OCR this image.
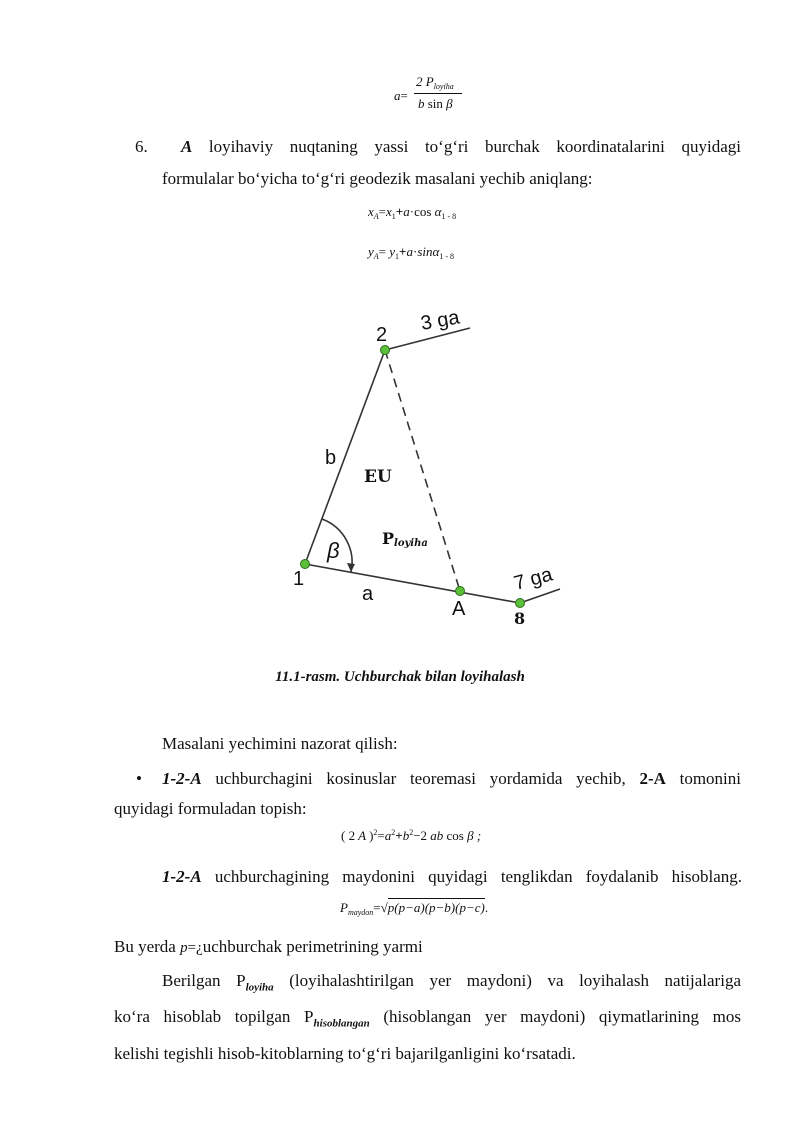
a=
2 $P_{loyiha}$
b sin β
6. A loyihaviy nuqtaning yassi to‘g‘ri burchak koordinatalarini quyidagi
formulalar bo‘yicha to‘g‘ri geodezik masalani yechib aniqlang:
$x_A=x_1+a\cdot\cos$ $\alpha_{1 - 8}$
$y_A= y_1+a\cdot\sin\alpha_{1 - 8}$
2
3 ga
b
EU
β	Ployiha
1
a
A
7 ga
8
11.1-rasm. Uchburchak bilan loyihalash
Masalani yechimini nazorat qilish:
• 1-2-A uchburchagini kosinuslar teoremasi yordamida yechib, 2-A tomonini
quyidagi formuladan topish:
( 2 A )$^2=a^2+b^2-2$ ab cos β ;
1-2-A uchburchagining maydonini quyidagi tenglikdan foydalanib hisoblang.
$P_{maydon}=√p(p-a)(p-b)(p-c)$.
Bu yerda p=¿uchburchak perimetrining yarmi
Berilgan $P_{loyiha}$ (loyihalashtirilgan yer maydoni) va loyihalash natijalariga
ko‘ra hisoblab topilgan $P_{hisoblangan}$ (hisoblangan yer maydoni) qiymatlarining mos
kelishi tegishli hisob-kitoblarning to‘g‘ri bajarilganligini ko‘rsatadi.
